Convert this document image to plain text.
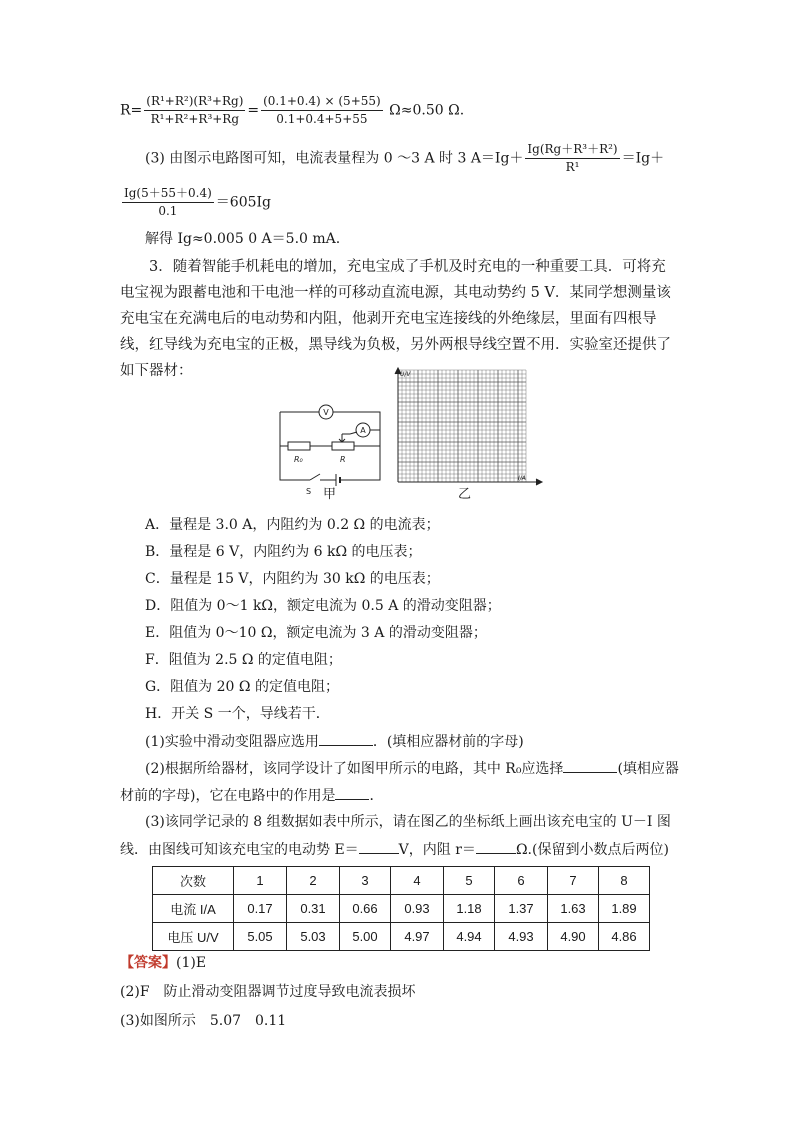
$R= \frac{\text{(R¹+R²)(R³+Rg)}}{\text{R¹+R²+R³+Rg}} = \frac{(0.1+0.4) \times (5+55)}{0.1+0.4+5+55} \Omega\approx 0.50$ Ω.
(3) 由图示电路图可知，电流表量程为 0 ～3 A 时 3 $A=Ig+ \frac{\text{Ig(Rg＋R³＋R²)}}{\text{R¹}} =Ig+$
$\frac{Ig(5+55+0.4)}{0.1} =605Ig$
解得 Ig≈0.005 0 A＝5.0 mA.
3．随着智能手机耗电的增加，充电宝成了手机及时充电的一种重要工具．可将充电宝视为跟蓄电池和干电池一样的可移动直流电源，其电动势约 5 V．某同学想测量该充电宝在充满电后的电动势和内阻，他剥开充电宝连接线的外绝缘层，里面有四根导线，红导线为充电宝的正极，黑导线为负极，另外两根导线空置不用．实验室还提供了如下器材：
V
A
R₀	R
S 甲
U/V
I/A
乙
A．量程是 3.0 A，内阻约为 0.2 Ω 的电流表；
B．量程是 6 V，内阻约为 6 kΩ 的电压表；
C．量程是 15 V，内阻约为 30 kΩ 的电压表；
D．阻值为 0～1 kΩ，额定电流为 0.5 A 的滑动变阻器；
E．阻值为 0～10 Ω，额定电流为 3 A 的滑动变阻器；
F．阻值为 2.5 Ω 的定值电阻；
G．阻值为 20 Ω 的定值电阻；
H．开关 S 一个，导线若干．
(1)实验中滑动变阻器应选用	．(填相应器材前的字母)
(2)根据所给器材，该同学设计了如图甲所示的电路，其中 R₀应选择	(填相应器
材前的字母)，它在电路中的作用是 ．
(3)该同学记录的 8 组数据如表中所示，请在图乙的坐标纸上画出该充电宝的 U－I 图
线．由图线可知该充电宝的电动势 E＝	V，内阻 r＝	Ω.(保留到小数点后两位)
次数	1	2	3	4	5	6	7	8
电流 I/A	0.17	0.31	0.66	0.93	1.18	1.37	1.63	1.89
电压 U/V	5.05	5.03	5.00	4.97	4.94	4.93	4.90	4.86
【答案】(1)E
(2)F　防止滑动变阻器调节过度导致电流表损坏
(3)如图所示　5.07　0.11
